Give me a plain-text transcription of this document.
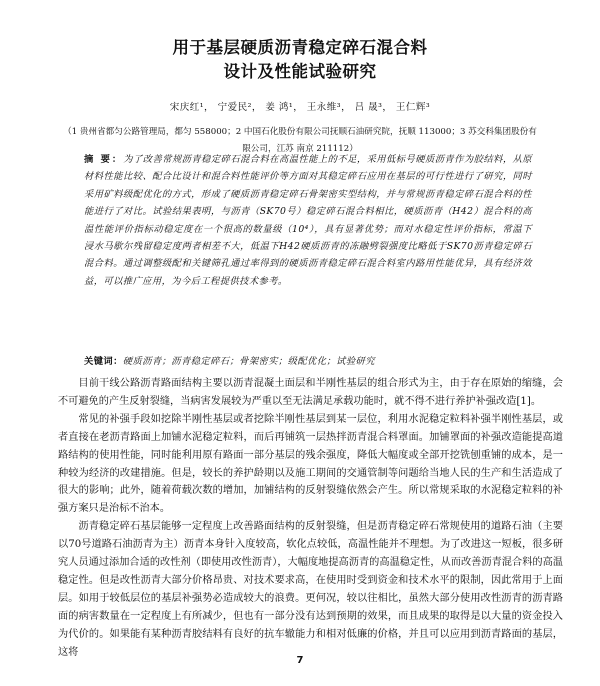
用于基层硬质沥青稳定碎石混合料
设计及性能试验研究
宋庆红¹， 宁爱民²， 姜 鸿¹， 王永维³， 吕 晟³， 王仁辉³
（1 贵州省都匀公路管理局，都匀 558000；2 中国石化股份有限公司抚顺石油研究院，抚顺 113000；3 苏交科集团股份有限公司，江苏 南京 211112）
摘 要：为了改善常规沥青稳定碎石混合料在高温性能上的不足，采用低标号硬质沥青作为胶结料，从原材料性能比较、配合比设计和混合料性能评价等方面对其稳定碎石应用在基层的可行性进行了研究，同时采用矿料级配优化的方式，形成了硬质沥青稳定碎石骨架密实型结构，并与常规沥青稳定碎石混合料的性能进行了对比。试验结果表明，与沥青（SK70号）稳定碎石混合料相比，硬质沥青（H42）混合料的高温性能评价指标动稳定度在一个很高的数量级（10⁴），具有显著优势；而对水稳定性评价指标，常温下浸水马歇尔残留稳定度两者相差不大，低温下H42硬质沥青的冻融劈裂强度比略低于SK70沥青稳定碎石混合料。通过调整级配和关键筛孔通过率得到的硬质沥青稳定碎石混合料室内路用性能优异，具有经济效益，可以推广应用，为今后工程提供技术参考。
关键词：硬质沥青；沥青稳定碎石；骨架密实；级配优化；试验研究

目前干线公路沥青路面结构主要以沥青混凝土面层和半刚性基层的组合形式为主，由于存在原始的缩缝，会不可避免的产生反射裂缝，当病害发展较为严重以至无法满足承载功能时，就不得不进行养护补强改造[1]。

常见的补强手段如挖除半刚性基层或者挖除半刚性基层到某一层位，利用水泥稳定粒料补强半刚性基层，或者直接在老沥青路面上加铺水泥稳定粒料，而后再铺筑一层热拌沥青混合料罩面。加铺罩面的补强改造能提高道路结构的使用性能，同时能利用原有路面一部分基层的残余强度，降低大幅度或全部开挖铣刨重铺的成本，是一种较为经济的改建措施。但是，较长的养护龄期以及施工期间的交通管制等问题给当地人民的生产和生活造成了很大的影响；此外，随着荷载次数的增加，加铺结构的反射裂缝依然会产生。所以常规采取的水泥稳定粒料的补强方案只是治标不治本。

沥青稳定碎石基层能够一定程度上改善路面结构的反射裂缝，但是沥青稳定碎石常规使用的道路石油（主要以70号道路石油沥青为主）沥青本身针入度较高，软化点较低，高温性能并不理想。为了改进这一短板，很多研究人员通过添加合适的改性剂（即使用改性沥青），大幅度地提高沥青的高温稳定性，从而改善沥青混合料的高温稳定性。但是改性沥青大部分价格昂贵、对技术要求高，在使用时受到资金和技术水平的限制，因此常用于上面层。如用于较低层位的基层补强势必造成较大的浪费。更何况，较以往相比，虽然大部分使用改性沥青的沥青路面的病害数量在一定程度上有所减少，但也有一部分没有达到预期的效果，而且成果的取得是以大量的资金投入为代价的。如果能有某种沥青胶结料有良好的抗车辙能力和相对低廉的价格，并且可以应用到沥青路面的基层，这将

7
